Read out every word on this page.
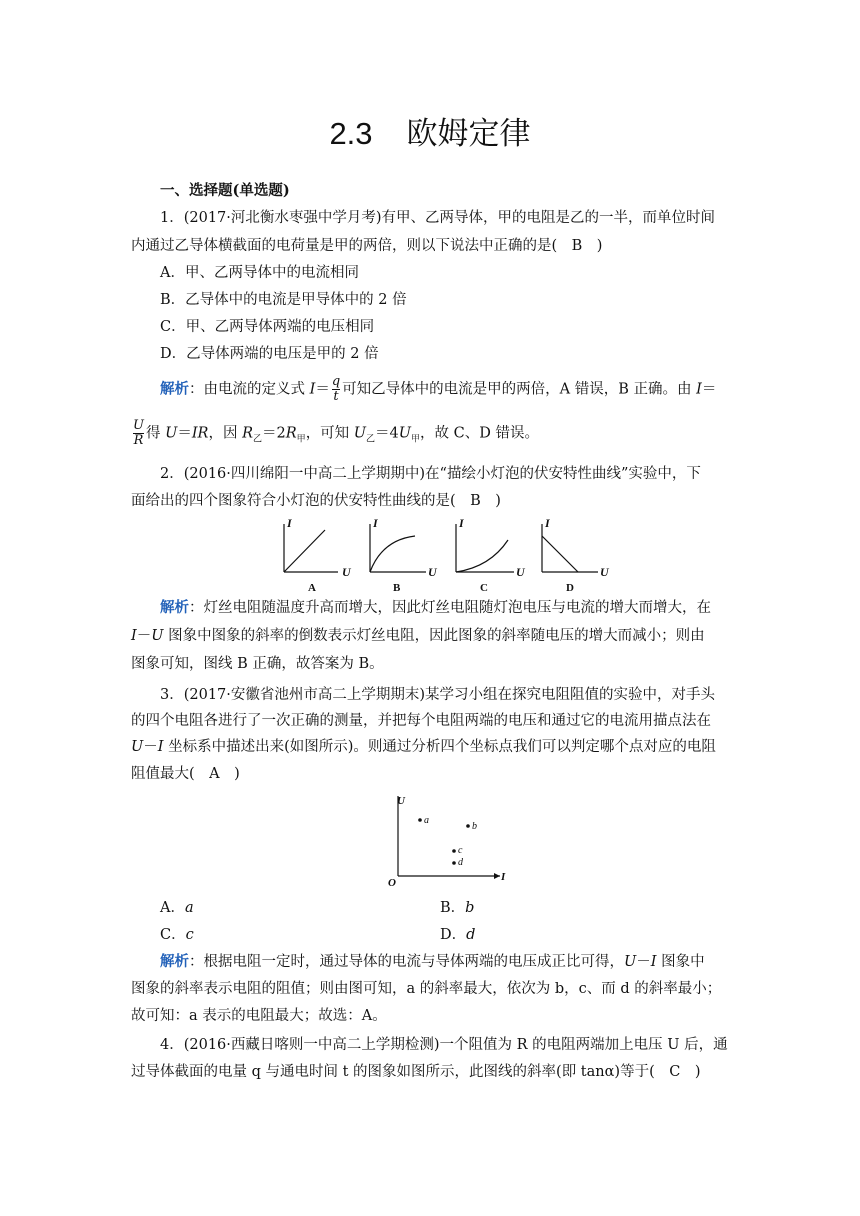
2.3 欧姆定律
一、选择题(单选题)
1．(2017·河北衡水枣强中学月考)有甲、乙两导体，甲的电阻是乙的一半，而单位时间
内通过乙导体横截面的电荷量是甲的两倍，则以下说法中正确的是(　B　)
A．甲、乙两导体中的电流相同
B．乙导体中的电流是甲导体中的 2 倍
C．甲、乙两导体两端的电压相同
D．乙导体两端的电压是甲的 2 倍
解析：由电流的定义式 $I= \frac{q}{t}$ 可知乙导体中的电流是甲的两倍，A 错误，B 正确。由 I＝
$\frac{U}{R}$ 得 U＝IR，因 $R_乙=2R_甲$，可知 $U_乙=4U_甲$，故 C、D 错误。
2．(2016·四川绵阳一中高二上学期期中)在“描绘小灯泡的伏安特性曲线”实验中，下
面给出的四个图象符合小灯泡的伏安特性曲线的是(　B　)
I	I	I	I
U	U	U	U
A	B	C	D
解析：灯丝电阻随温度升高而增大，因此灯丝电阻随灯泡电压与电流的增大而增大，在
I－U 图象中图象的斜率的倒数表示灯丝电阻，因此图象的斜率随电压的增大而减小；则由
图象可知，图线 B 正确，故答案为 B。
3．(2017·安徽省池州市高二上学期期末)某学习小组在探究电阻阻值的实验中，对手头
的四个电阻各进行了一次正确的测量，并把每个电阻两端的电压和通过它的电流用描点法在
U－I 坐标系中描述出来(如图所示)。则通过分析四个坐标点我们可以判定哪个点对应的电阻
阻值最大(　A　)
U
I
O
a
b
c
d
A．a	B．b
C．c	D．d
解析：根据电阻一定时，通过导体的电流与导体两端的电压成正比可得，U－I 图象中
图象的斜率表示电阻的阻值；则由图可知，a 的斜率最大，依次为 b，c、而 d 的斜率最小；
故可知：a 表示的电阻最大；故选：A。
4．(2016·西藏日喀则一中高二上学期检测)一个阻值为 R 的电阻两端加上电压 U 后，通
过导体截面的电量 q 与通电时间 t 的图象如图所示，此图线的斜率(即 tanα)等于(　C　)
